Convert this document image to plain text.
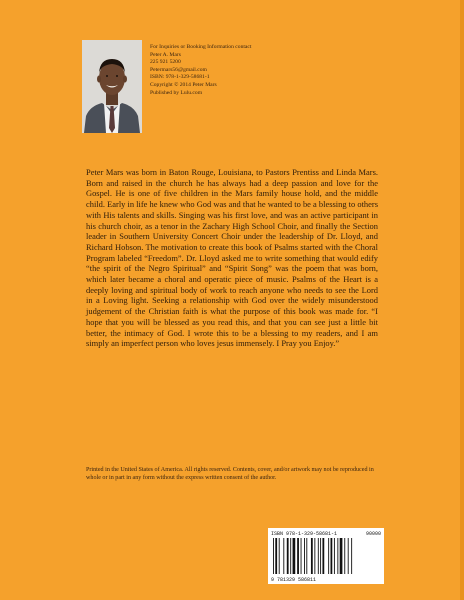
For Inquiries or Booking Information contact
Peter A. Mars
225 921 5200
Petermars56@gmail.com
ISBN: 978-1-329-58681-1
Copyright © 2014 Peter Mars
Published by Lulu.com
Peter Mars was born in Baton Rouge, Louisiana, to Pastors Prentiss and Linda Mars. Born and raised in the church he has always had a deep passion and love for the Gospel. He is one of five children in the Mars family house hold, and the middle child. Early in life he knew who God was and that he wanted to be a blessing to others with His talents and skills. Singing was his first love, and was an active participant in his church choir, as a tenor in the Zachary High School Choir, and finally the Section leader in Southern University Concert Choir under the leadership of Dr. Lloyd, and Richard Hobson. The motivation to create this book of Psalms started with the Choral Program labeled “Freedom”. Dr. Lloyd asked me to write something that would edify “the spirit of the Negro Spiritual” and “Spirit Song” was the poem that was born, which later became a choral and operatic piece of music. Psalms of the Heart is a deeply loving and spiritual body of work to reach anyone who needs to see the Lord in a Loving light. Seeking a relationship with God over the widely misunderstood judgement of the Christian faith is what the purpose of this book was made for. “I hope that you will be blessed as you read this, and that you can see just a little bit better, the intimacy of God. I wrote this to be a blessing to my readers, and I am simply an imperfect person who loves jesus immensely. I Pray you Enjoy.”
Printed in the United States of America. All rights reserved. Contents, cover, and/or artwork may not be reproduced in whole or in part in any form without the express written consent of the author.
ISBN 978-1-329-58681-1	90000
9 781329 586811
